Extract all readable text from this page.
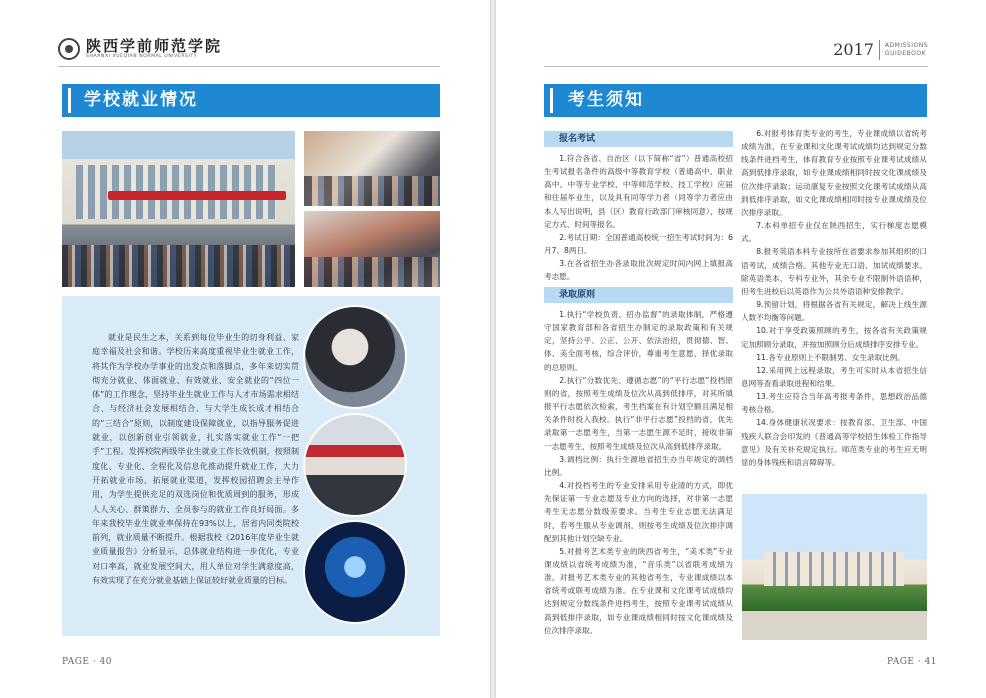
陕西学前师范学院
SHAANXI XUEQIAN NORMAL UNIVERSITY	2017	ADMISSIONS
GUIDEBOOK
学校就业情况

就业是民生之本，关系到每位毕业生的切身利益、家庭幸福及社会和谐。学校历来高度重视毕业生就业工作，将其作为学校办学事业的出发点和落脚点，多年来切实贯彻充分就业、体面就业、有效就业、安全就业的“四位一体”的工作理念，坚持毕业生就业工作与人才市场需求相结合、与经济社会发展相结合、与大学生成长成才相结合的“三结合”原则，以制度建设保障就业，以指导服务促进就业，以创新创业引领就业，扎实落实就业工作“一把手”工程。发挥校院两级毕业生就业工作长效机制，按照制度化、专业化、全程化及信息化推动提升就业工作，大力开拓就业市场、拓展就业渠道，发挥校园招聘会主导作用，为学生提供充足的双选岗位和优质周到的服务，形成人人关心、群策群力、全员参与的就业工作良好局面。多年来我校毕业生就业率保持在93%以上，居省内同类院校前列，就业质量不断提升。根据我校《2016年度毕业生就业质量报告》分析显示，总体就业结构进一步优化，专业对口率高，就业发展空间大，用人单位对学生满意度高，有效实现了在充分就业基础上保证较好就业质量的目标。

PAGE · 40
考生须知
报名考试

1.符合各省、自治区（以下简称“省”）普通高校招生考试报名条件的高级中等教育学校（普通高中、职业高中、中等专业学校、中等师范学校、技工学校）应届和往届毕业生，以及具有同等学力者（同等学力者应由本人写出说明，县（区）教育行政部门审核同意），按规定方式、时间等报名。

2.考试日期：全国普通高校统一招生考试时间为：6月7、8两日。

3.在各省招生办各录取批次规定时间内网上填报高考志愿。

录取原则

1.执行“学校负责、招办监督”的录取体制，严格遵守国家教育部和各省招生办制定的录取政策和有关规定，坚持公平、公正、公开、依法治招，贯彻德、智、体、美全面考核，综合评价，尊重考生意愿，择优录取的总原则。

2.执行“分数优先、遵循志愿”的“平行志愿”投档原则的省，按照考生成绩及位次从高到低排序，对其所填报平行志愿依次检索，考生档案在有计划空额且满足相关条件时投入我校。执行“非平行志愿”投档的省，优先录取第一志愿考生，当第一志愿生源不足时，接收非第一志愿考生，按照考生成绩及位次从高到低排序录取。

3.调档比例：执行生源地省招生办当年规定的调档比例。

4.对投档考生的专业安排采用专业清的方式，即优先保证第一专业志愿及专业方向的选择，对非第一志愿考生无志愿分数级差要求。当考生专业志愿无法满足时，若考生服从专业调剂，则按考生成绩及位次排序调配到其他计划空缺专业。

5.对报考艺术类专业的陕西省考生，“美术类”专业课成绩以省统考成绩为准，“音乐类”以省联考成绩为准。对报考艺术类专业的其他省考生，专业课成绩以本省统考或联考成绩为准。在专业课和文化课考试成绩均达到规定分数线条件进档考生，按照专业课考试成绩从高到低排序录取，如专业课成绩相同时按文化课成绩及位次排序录取。

6.对报考体育类专业的考生，专业课成绩以省统考成绩为准，在专业课和文化课考试成绩均达到规定分数线条件进档考生，体育教育专业按照专业课考试成绩从高到低排序录取，如专业课成绩相同时按文化课成绩及位次排序录取；运动康复专业按照文化课考试成绩从高到低排序录取，如文化课成绩相同时按专业课成绩及位次排序录取。

7.本科单招专业仅在陕西招生，实行梯度志愿模式。

8.报考英语本科专业按所在省要求参加其组织的口语考试，成绩合格。其他专业无口语、加试成绩要求。除英语类本、专科专业外，其余专业不限制外语语种，但考生进校后以英语作为公共外语语种安排教学。

9.预留计划，将根据各省有关规定，解决上线生源人数不均衡等问题。

10.对于享受政策照顾的考生，按各省有关政策规定加照顾分录取，并按加照顾分后成绩排序安排专业。

11.各专业原则上不限制男、女生录取比例。

12.采用网上远程录取，考生可实时从本省招生信息网等查看录取进程和结果。

13.考生应符合当年高考报考条件，思想政治品德考核合格。

14.身体健康状况要求：按教育部、卫生部、中国残疾人联合会印发的《普通高等学校招生体检工作指导意见》及有关补充规定执行。师范类专业的考生应无明显的身体残疾和语言障碍等。

PAGE · 41
